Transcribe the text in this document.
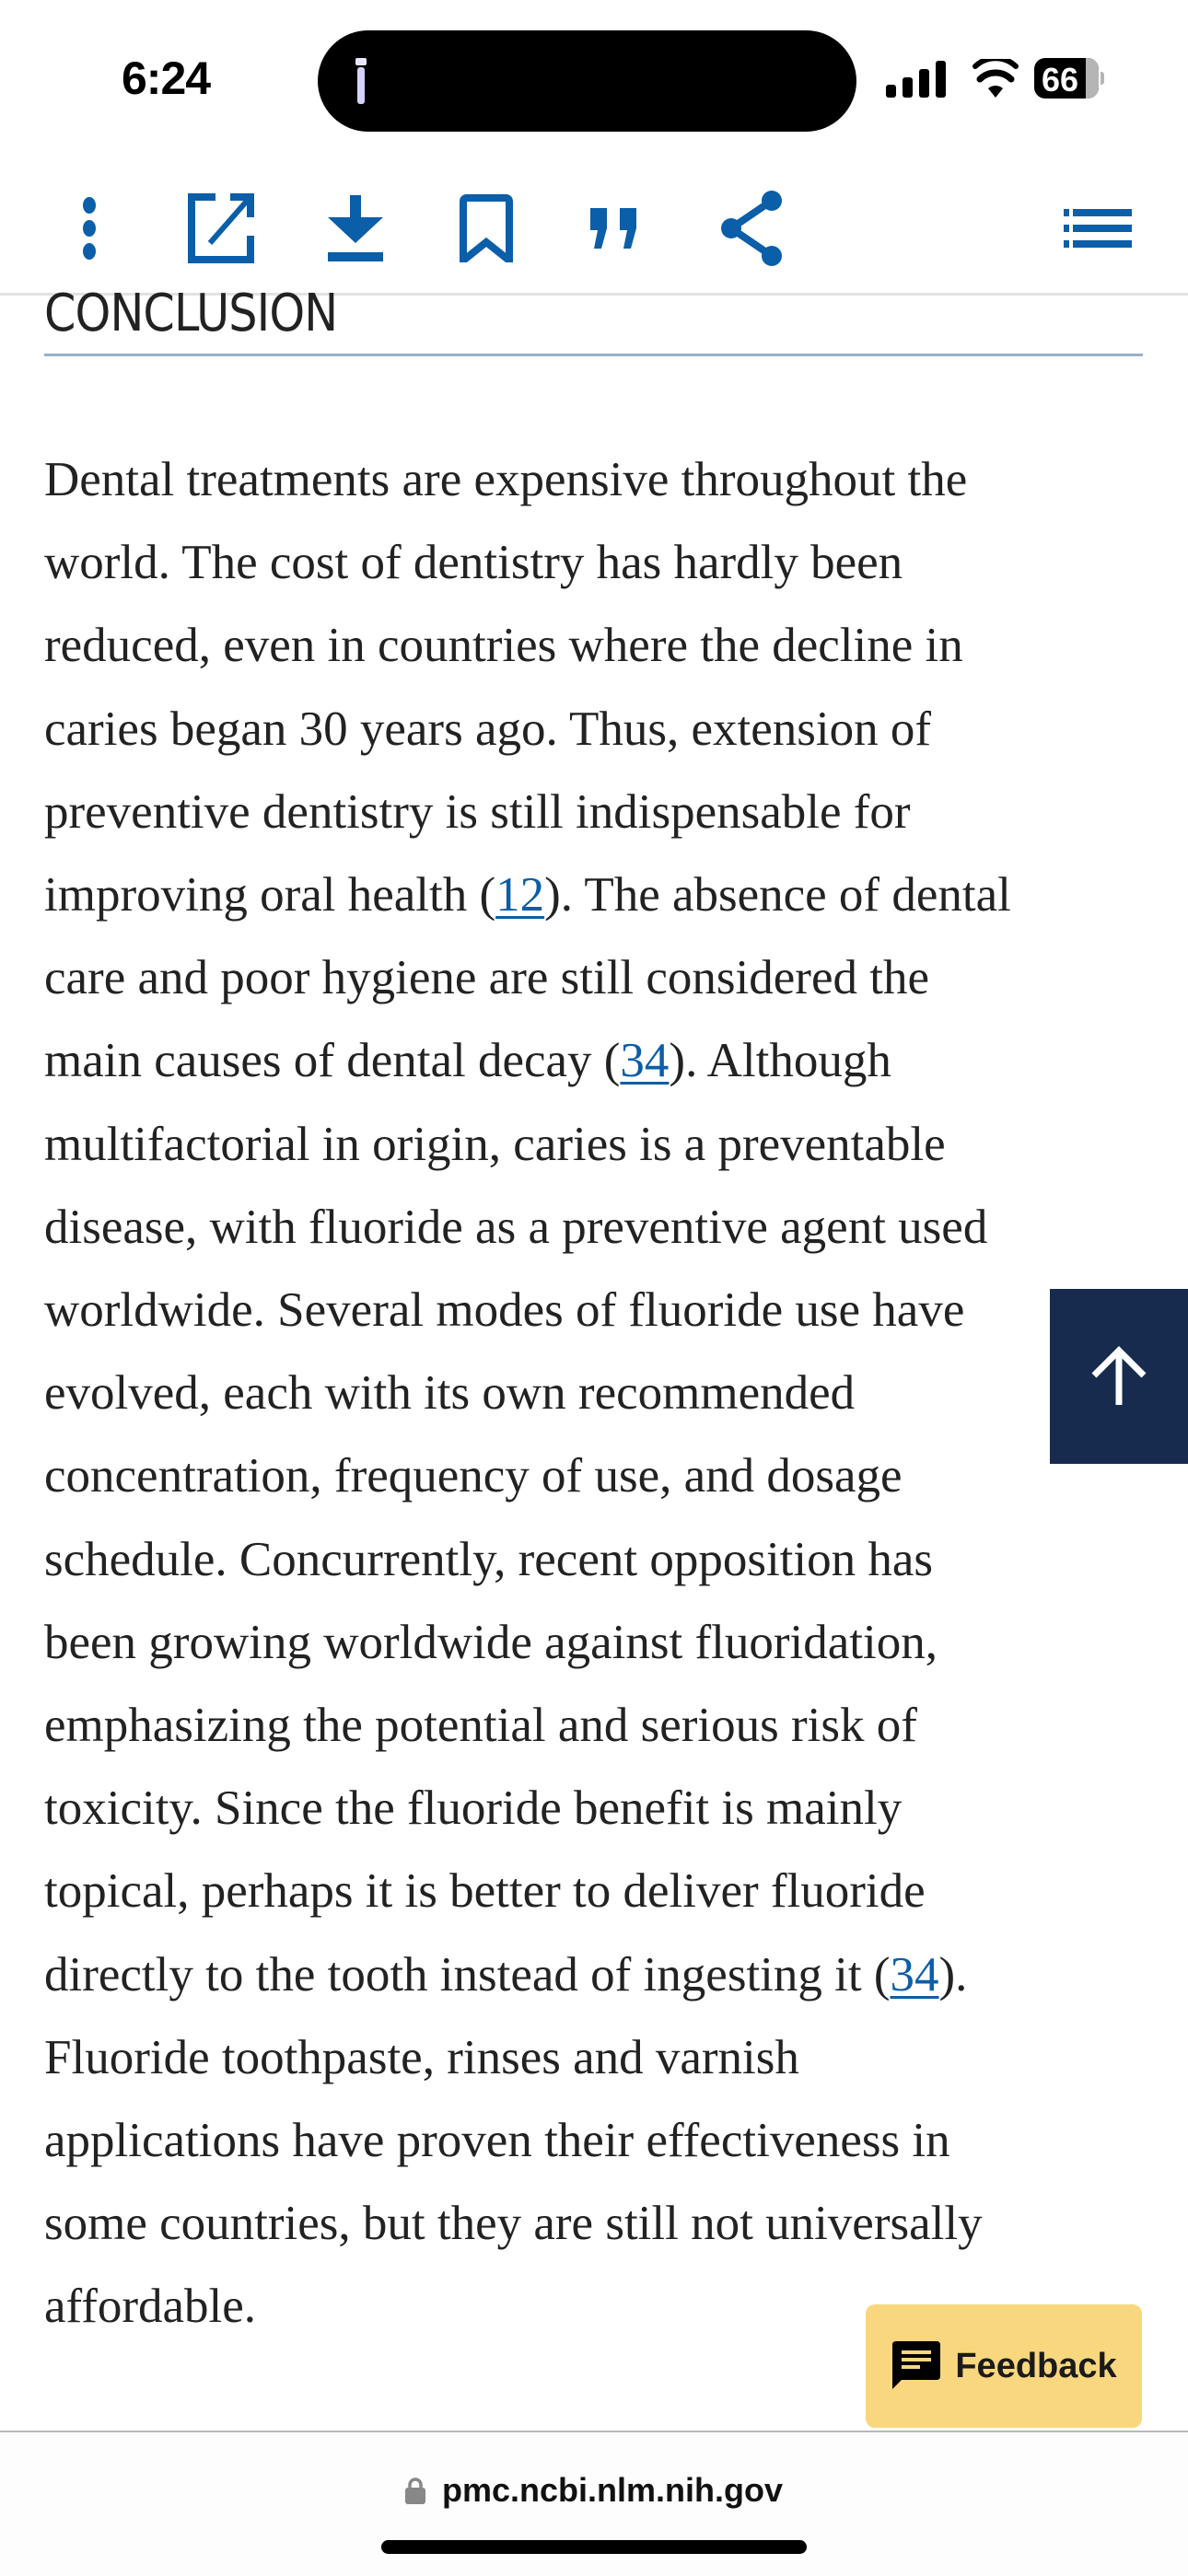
6:24	66
CONCLUSION
Dental treatments are expensive throughout the
world. The cost of dentistry has hardly been
reduced, even in countries where the decline in
caries began 30 years ago. Thus, extension of
preventive dentistry is still indispensable for
improving oral health (12). The absence of dental
care and poor hygiene are still considered the
main causes of dental decay (34). Although
multifactorial in origin, caries is a preventable
disease, with fluoride as a preventive agent used
worldwide. Several modes of fluoride use have
evolved, each with its own recommended
concentration, frequency of use, and dosage
schedule. Concurrently, recent opposition has
been growing worldwide against fluoridation,
emphasizing the potential and serious risk of
toxicity. Since the fluoride benefit is mainly
topical, perhaps it is better to deliver fluoride
directly to the tooth instead of ingesting it (34).
Fluoride toothpaste, rinses and varnish
applications have proven their effectiveness in
some countries, but they are still not universally
affordable.
Feedback
pmc.ncbi.nlm.nih.gov
